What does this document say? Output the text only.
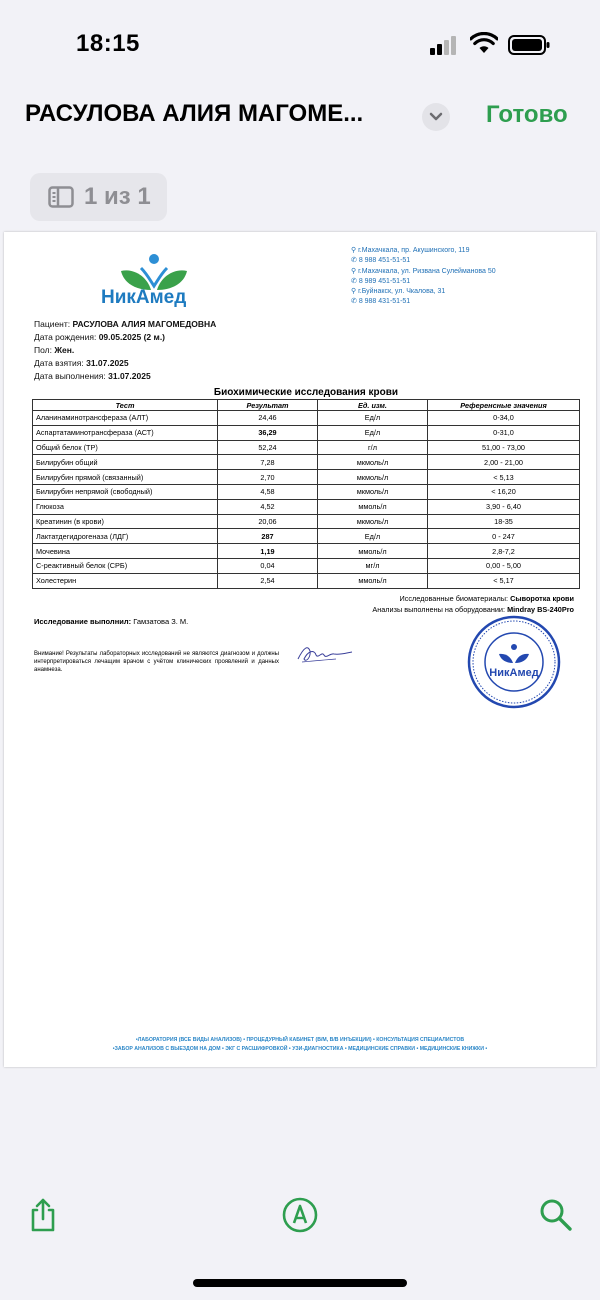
18:15
РАСУЛОВА АЛИЯ МАГОМЕ...	Готово
1 из 1
НикАмед
⚲ г.Махачкала, пр. Акушинского, 119
✆ 8 988 451-51-51
⚲ г.Махачкала, ул. Ризвана Сулейманова 50
✆ 8 989 451-51-51
⚲ г.Буйнакск, ул. Чкалова, 31
✆ 8 988 431-51-51
Пациент: РАСУЛОВА АЛИЯ МАГОМЕДОВНА
Дата рождения: 09.05.2025 (2 м.)
Пол: Жен.
Дата взятия: 31.07.2025
Дата выполнения: 31.07.2025
Биохимические исследования крови
Тест	Результат	Ед. изм.	Референсные значения
Аланинаминотрансфераза (АЛТ)	24,46	Ед/л	0-34,0
Аспартатаминотрансфераза (АСТ)	36,29	Ед/л	0-31,0
Общий белок (ТР)	52,24	г/л	51,00 - 73,00
Билирубин общий	7,28	мкмоль/л	2,00 - 21,00
Билирубин прямой (связанный)	2,70	мкмоль/л	< 5,13
Билирубин непрямой (свободный)	4,58	мкмоль/л	< 16,20
Глюкоза	4,52	ммоль/л	3,90 - 6,40
Креатинин (в крови)	20,06	мкмоль/л	18-35
Лактатдегидрогеназа (ЛДГ)	287	Ед/л	0 - 247
Мочевина	1,19	ммоль/л	2,8-7,2
С-реактивный белок (СРБ)	0,04	мг/л	0,00 - 5,00
Холестерин	2,54	ммоль/л	< 5,17
Исследованные биоматериалы: Сыворотка крови
Анализы выполнены на оборудовании: Mindray BS-240Pro
Исследование выполнил: Гамзатова З. М.
Внимание! Результаты лабораторных исследований не являются диагнозом и должны интерпретироваться лечащим врачом с учётом клинических проявлений и данных анамнеза.	НикАмед
•ЛАБОРАТОРИЯ (ВСЕ ВИДЫ АНАЛИЗОВ) • ПРОЦЕДУРНЫЙ КАБИНЕТ (В/М, В/В ИНЪЕКЦИИ) • КОНСУЛЬТАЦИЯ СПЕЦИАЛИСТОВ
•ЗАБОР АНАЛИЗОВ С ВЫЕЗДОМ НА ДОМ • ЭКГ С РАСШИФРОВКОЙ • УЗИ-ДИАГНОСТИКА • МЕДИЦИНСКИЕ СПРАВКИ • МЕДИЦИНСКИЕ КНИЖКИ •
